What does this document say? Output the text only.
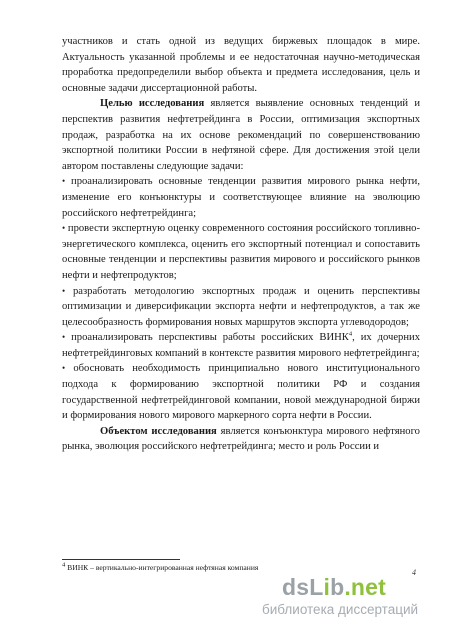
участников и стать одной из ведущих биржевых площадок в мире. Актуальность указанной проблемы и ее недостаточная научно-методическая проработка предопределили выбор объекта и предмета исследования, цель и основные задачи диссертационной работы.

Целью исследования является выявление основных тенденций и перспектив развития нефтетрейдинга в России, оптимизация экспортных продаж, разработка на их основе рекомендаций по совершенствованию экспортной политики России в нефтяной сфере. Для достижения этой цели автором поставлены следующие задачи:

• проанализировать основные тенденции развития мирового рынка нефти, изменение его конъюнктуры и соответствующее влияние на эволюцию российского нефтетрейдинга;

• провести экспертную оценку современного состояния российского топливно-энергетического комплекса, оценить его экспортный потенциал и сопоставить основные тенденции и перспективы развития мирового и российского рынков нефти и нефтепродуктов;

• разработать методологию экспортных продаж и оценить перспективы оптимизации и диверсификации экспорта нефти и нефтепродуктов, а так же целесообразность формирования новых маршрутов экспорта углеводородов;

• проанализировать перспективы работы российских ВИНК$^4$, их дочерних нефтетрейдинговых компаний в контексте развития мирового нефтетрейдинга;

• обосновать необходимость принципиально нового институционального подхода к формированию экспортной политики РФ и создания государственной нефтетрейдинговой компании, новой международной биржи и формирования нового мирового маркерного сорта нефти в России.

Объектом исследования является конъюнктура мирового нефтяного рынка, эволюция российского нефтетрейдинга; место и роль России и

$^4$ ВИНК – вертикально-интегрированная нефтяная компания
4
dsLib.net
библиотека диссертаций
